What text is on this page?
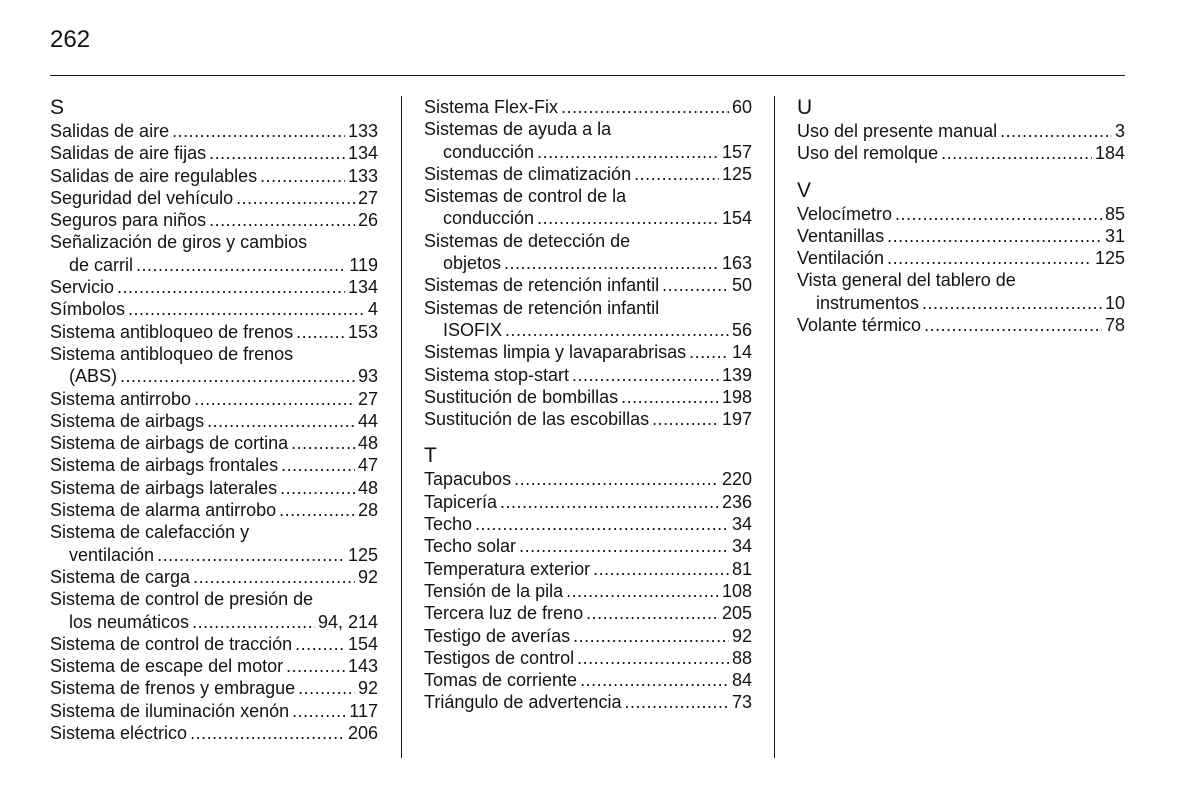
262
S
Salidas de aire .....	133
Salidas de aire fijas .....	134
Salidas de aire regulables .....	133
Seguridad del vehículo .....	27
Seguros para niños .....	26
Señalización de giros y cambios
de carril .....	119
Servicio .....	134
Símbolos .....	4
Sistema antibloqueo de frenos .....	153
Sistema antibloqueo de frenos
(ABS) .....	93
Sistema antirrobo .....	27
Sistema de airbags .....	44
Sistema de airbags de cortina .....	48
Sistema de airbags frontales .....	47
Sistema de airbags laterales .....	48
Sistema de alarma antirrobo .....	28
Sistema de calefacción y
ventilación .....	125
Sistema de carga .....	92
Sistema de control de presión de
los neumáticos .....	94, 214
Sistema de control de tracción .....	154
Sistema de escape del motor .....	143
Sistema de frenos y embrague .....	92
Sistema de iluminación xenón .....	117
Sistema eléctrico .....	206
Sistema Flex-Fix .....	60
Sistemas de ayuda a la
conducción .....	157
Sistemas de climatización .....	125
Sistemas de control de la
conducción .....	154
Sistemas de detección de
objetos .....	163
Sistemas de retención infantil .....	50
Sistemas de retención infantil
ISOFIX .....	56
Sistemas limpia y lavaparabrisas .....	14
Sistema stop-start .....	139
Sustitución de bombillas .....	198
Sustitución de las escobillas .....	197
T
Tapacubos .....	220
Tapicería .....	236
Techo .....	34
Techo solar .....	34
Temperatura exterior .....	81
Tensión de la pila .....	108
Tercera luz de freno .....	205
Testigo de averías .....	92
Testigos de control .....	88
Tomas de corriente .....	84
Triángulo de advertencia .....	73
U
Uso del presente manual .....	3
Uso del remolque .....	184
V
Velocímetro .....	85
Ventanillas .....	31
Ventilación .....	125
Vista general del tablero de
instrumentos .....	10
Volante térmico .....	78
